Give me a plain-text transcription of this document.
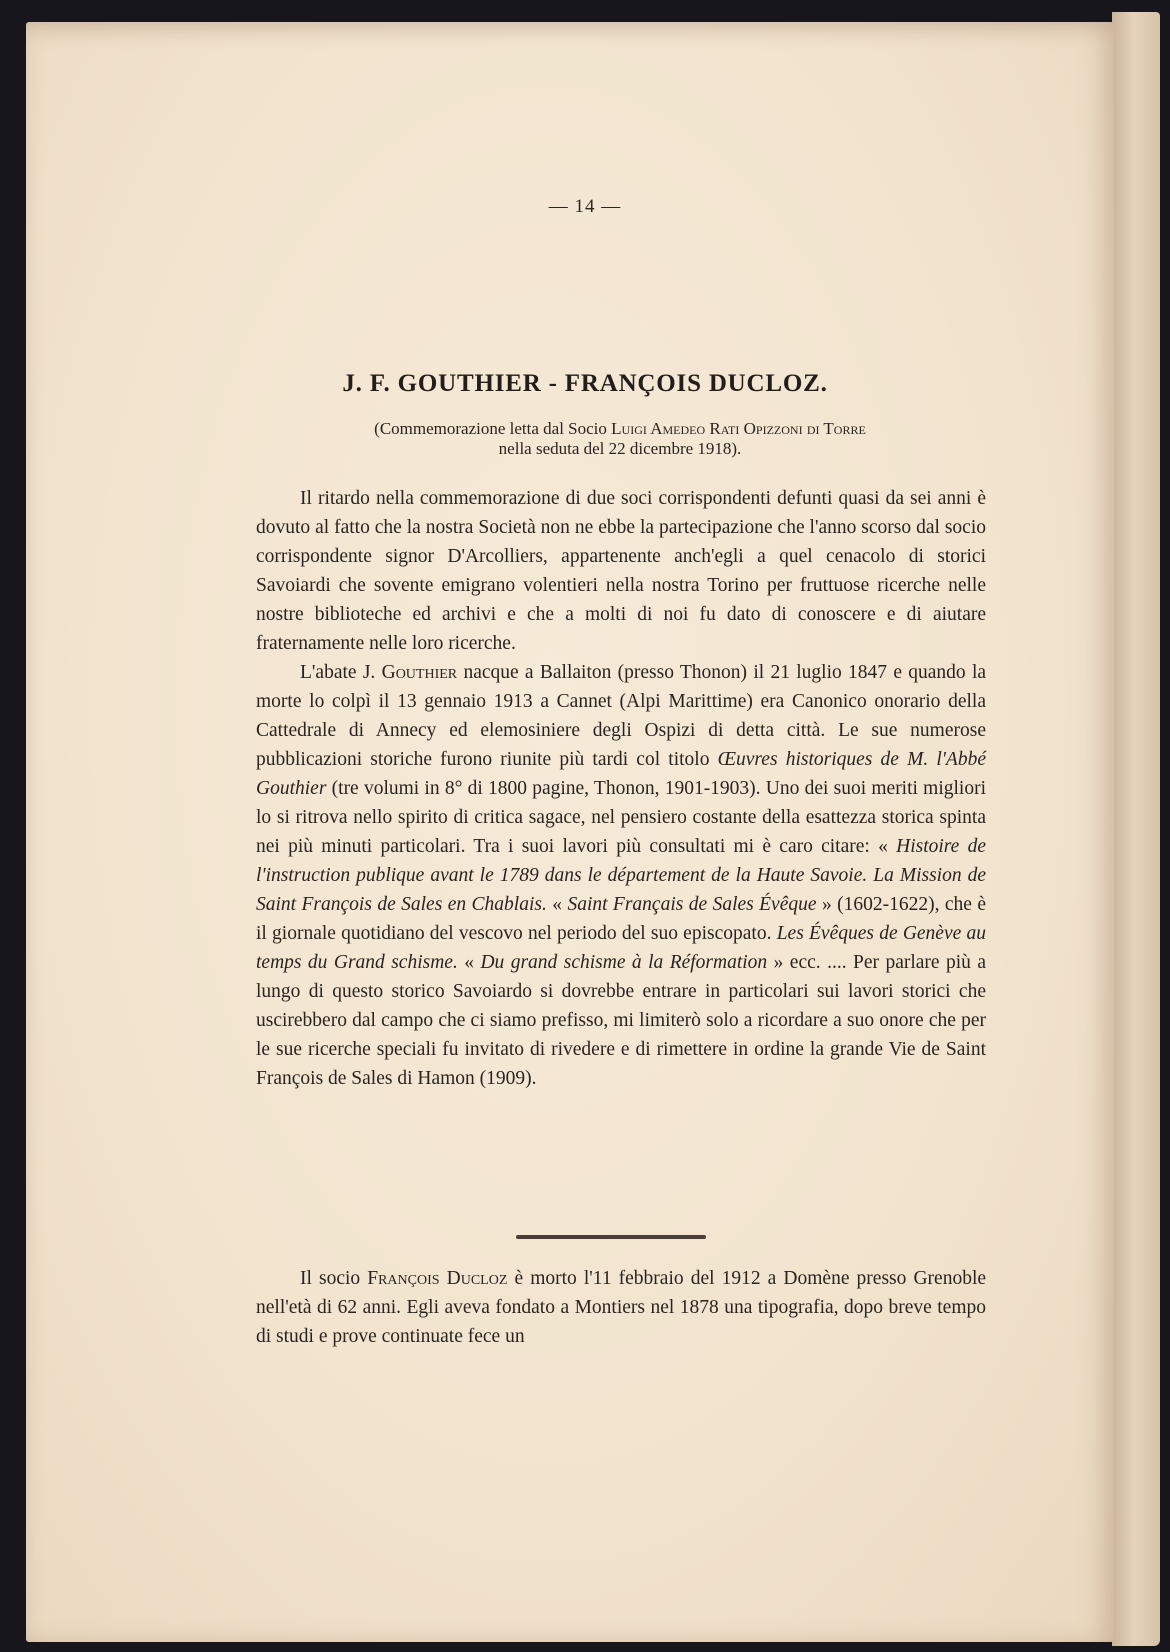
— 14 —
J. F. GOUTHIER - FRANÇOIS DUCLOZ.
(Commemorazione letta dal Socio Luigi Amedeo Rati Opizzoni di Torre
nella seduta del 22 dicembre 1918).

Il ritardo nella commemorazione di due soci corrispondenti defunti quasi da sei anni è dovuto al fatto che la nostra Società non ne ebbe la partecipazione che l'anno scorso dal socio corrispondente signor D'Arcolliers, appartenente anch'egli a quel cenacolo di storici Savoiardi che sovente emigrano volentieri nella nostra Torino per fruttuose ricerche nelle nostre biblioteche ed archivi e che a molti di noi fu dato di conoscere e di aiutare fraternamente nelle loro ricerche.

L'abate J. Gouthier nacque a Ballaiton (presso Thonon) il 21 luglio 1847 e quando la morte lo colpì il 13 gennaio 1913 a Cannet (Alpi Marittime) era Canonico onorario della Cattedrale di Annecy ed elemosiniere degli Ospizi di detta città. Le sue numerose pubblicazioni storiche furono riunite più tardi col titolo Œuvres historiques de M. l'Abbé Gouthier (tre volumi in 8° di 1800 pagine, Thonon, 1901-1903). Uno dei suoi meriti migliori lo si ritrova nello spirito di critica sagace, nel pensiero costante della esattezza storica spinta nei più minuti particolari. Tra i suoi lavori più consultati mi è caro citare: « Histoire de l'instruction publique avant le 1789 dans le département de la Haute Savoie. La Mission de Saint François de Sales en Chablais. « Saint Français de Sales Évêque » (1602-1622), che è il giornale quotidiano del vescovo nel periodo del suo episcopato. Les Évêques de Genève au temps du Grand schisme. « Du grand schisme à la Réformation » ecc. .... Per parlare più a lungo di questo storico Savoiardo si dovrebbe entrare in particolari sui lavori storici che uscirebbero dal campo che ci siamo prefisso, mi limiterò solo a ricordare a suo onore che per le sue ricerche speciali fu invitato di rivedere e di rimettere in ordine la grande Vie de Saint François de Sales di Hamon (1909).

Il socio François Ducloz è morto l'11 febbraio del 1912 a Domène presso Grenoble nell'età di 62 anni. Egli aveva fondato a Montiers nel 1878 una tipografia, dopo breve tempo di studi e prove continuate fece un
